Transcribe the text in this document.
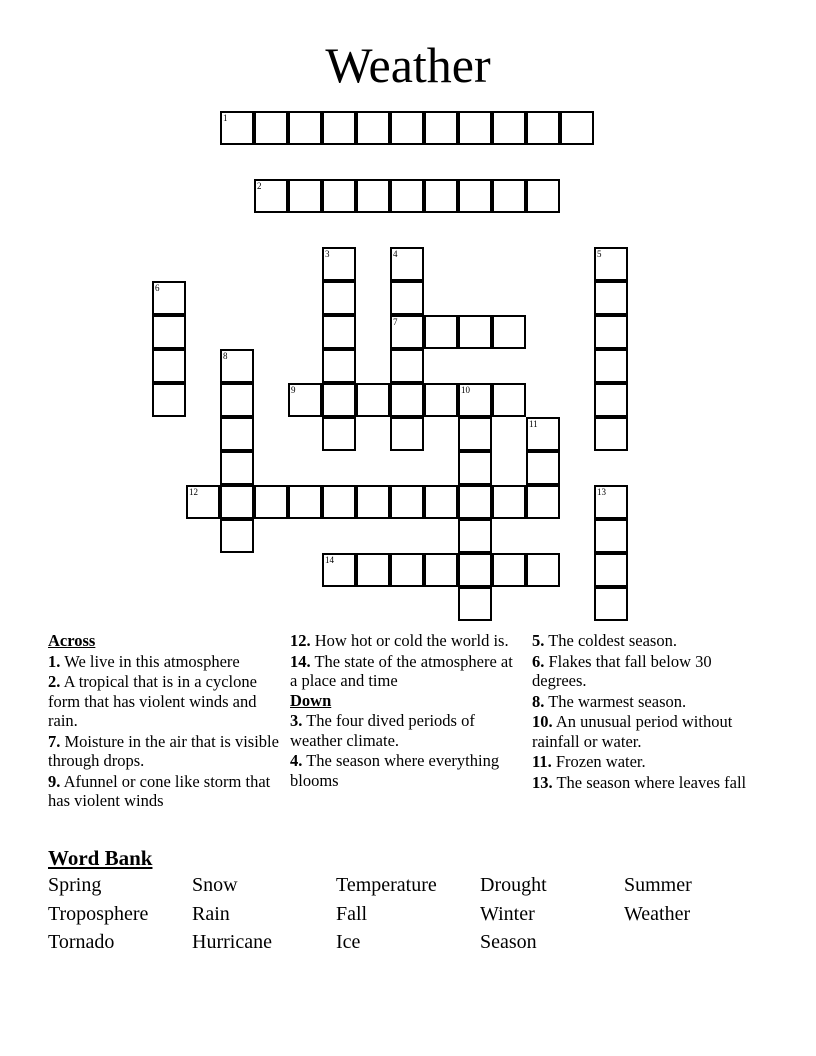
Weather
1
2
3	4
7
5
6
8
9	10
11
12	13
14
Across
1. We live in this atmosphere
2. A tropical that is in a cyclone form that has violent winds and rain.
7. Moisture in the air that is visible through drops.
9. Afunnel or cone like storm that has violent winds
12. How hot or cold the world is.
14. The state of the atmosphere at a place and time
Down
3. The four dived periods of weather climate.
4. The season where everything blooms
5. The coldest season.
6. Flakes that fall below 30 degrees.
8. The warmest season.
10. An unusual period without rainfall or water.
11. Frozen water.
13. The season where leaves fall
Word Bank
Spring	Snow	Temperature Drought	Summer
Troposphere Rain	Fall	Winter	Weather
Tornado	Hurricane	Ice	Season
